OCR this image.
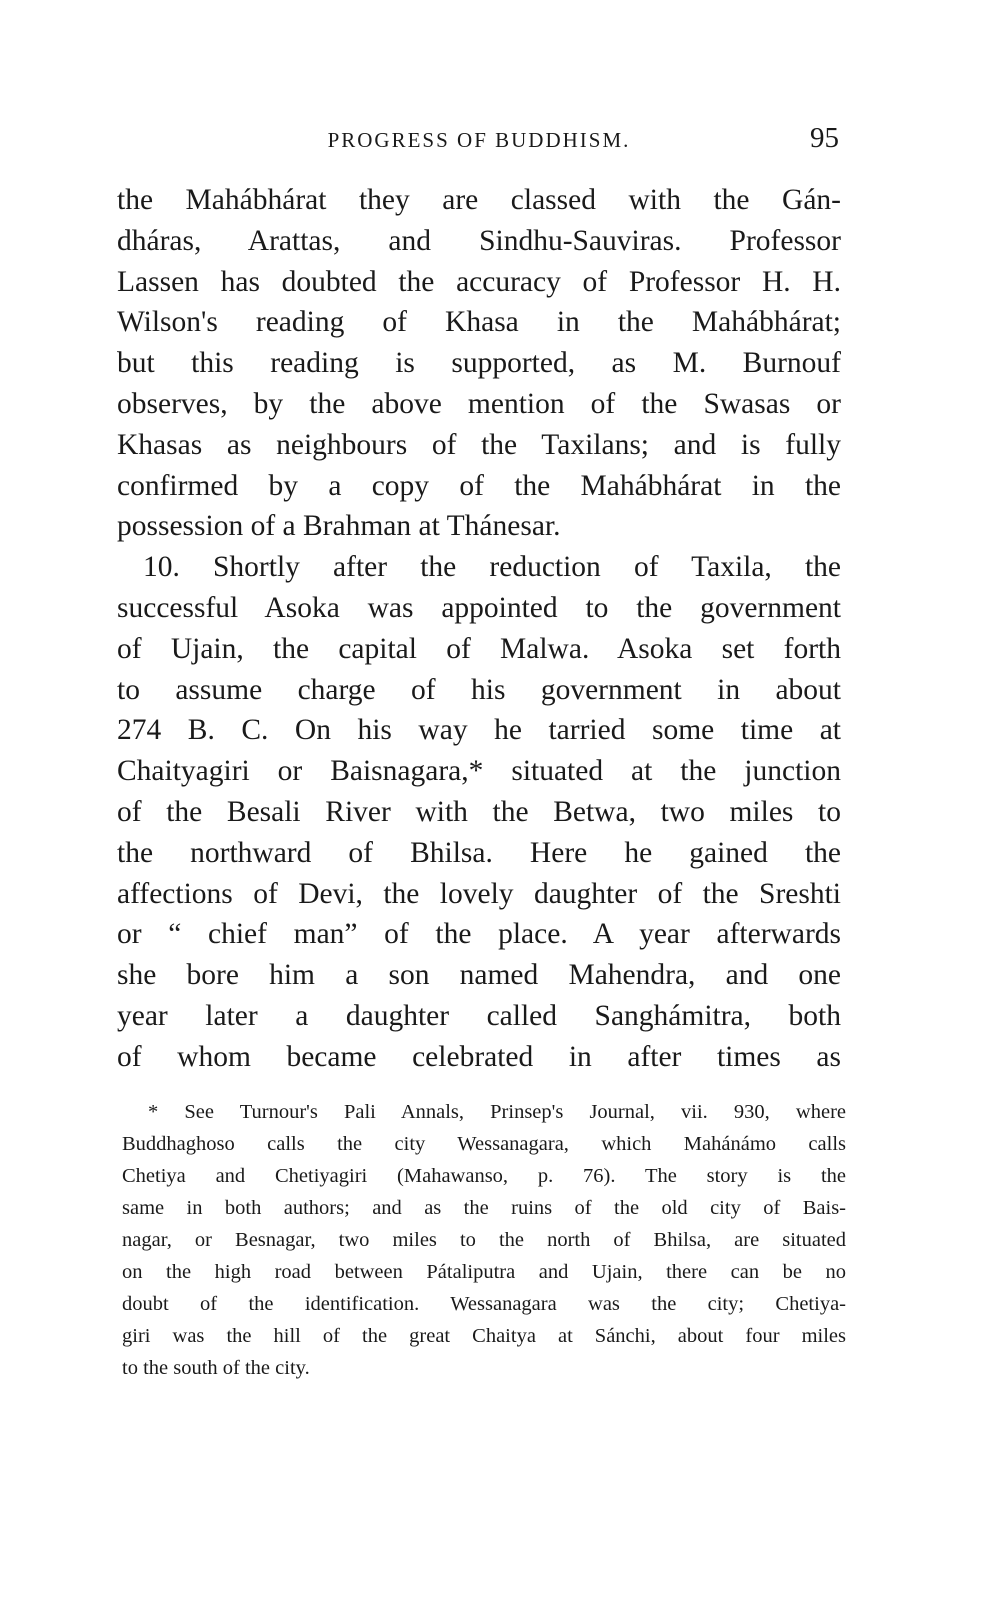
PROGRESS OF BUDDHISM.	95
the Mahábhárat they are classed with the Gán-
dháras, Arattas, and Sindhu-Sauviras. Professor
Lassen has doubted the accuracy of Professor H. H.
Wilson's reading of Khasa in the Mahábhárat;
but this reading is supported, as M. Burnouf
observes, by the above mention of the Swasas or
Khasas as neighbours of the Taxilans; and is fully
confirmed by a copy of the Mahábhárat in the
possession of a Brahman at Thánesar.
10. Shortly after the reduction of Taxila, the
successful Asoka was appointed to the government
of Ujain, the capital of Malwa. Asoka set forth
to assume charge of his government in about
274 B. C. On his way he tarried some time at
Chaityagiri or Baisnagara,* situated at the junction
of the Besali River with the Betwa, two miles to
the northward of Bhilsa. Here he gained the
affections of Devi, the lovely daughter of the Sreshti
or “ chief man” of the place. A year afterwards
she bore him a son named Mahendra, and one
year later a daughter called Sanghámitra, both
of whom became celebrated in after times as
* See Turnour's Pali Annals, Prinsep's Journal, vii. 930, where
Buddhaghoso calls the city Wessanagara, which Mahánámo calls
Chetiya and Chetiyagiri (Mahawanso, p. 76). The story is the
same in both authors; and as the ruins of the old city of Bais-
nagar, or Besnagar, two miles to the north of Bhilsa, are situated
on the high road between Pátaliputra and Ujain, there can be no
doubt of the identification. Wessanagara was the city; Chetiya-
giri was the hill of the great Chaitya at Sánchi, about four miles
to the south of the city.
